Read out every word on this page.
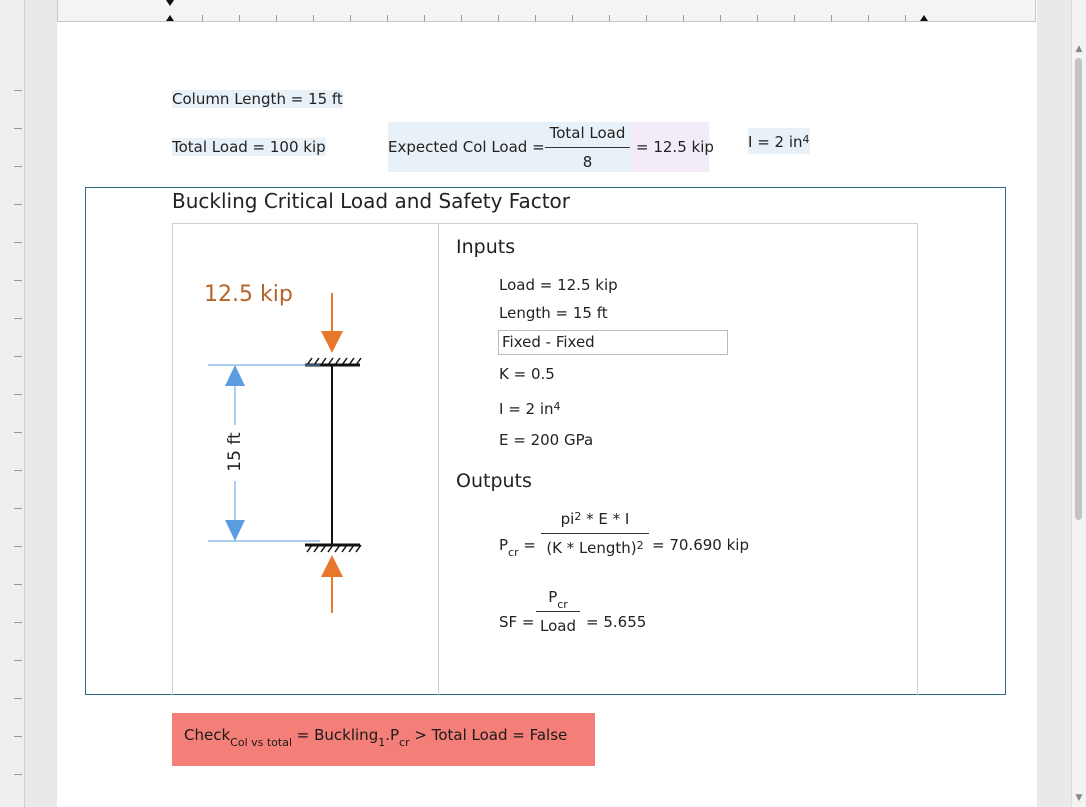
▲
▼
Column Length = 15 ft
Total Load = 100 kip	Expected Col Load =
Total Load
8
= 12.5 kip I = 2 $in^4$
Buckling Critical Load and Safety Factor
12.5 kip
15 ft
Inputs
Load = 12.5 kip
Length = 15 ft
Fixed - Fixed
K = 0.5
I = 2 $in^4$
E = 200 GPa
Outputs
$P_{cr}$ =
$pi^2$ * E * I
(K * Length)$^2$ = 70.690 kip
SF =
$P_{cr}$
Load = 5.655
Check$_{Col vs total}$ = $Buckling_1.P_{cr}$ > Total Load = False
